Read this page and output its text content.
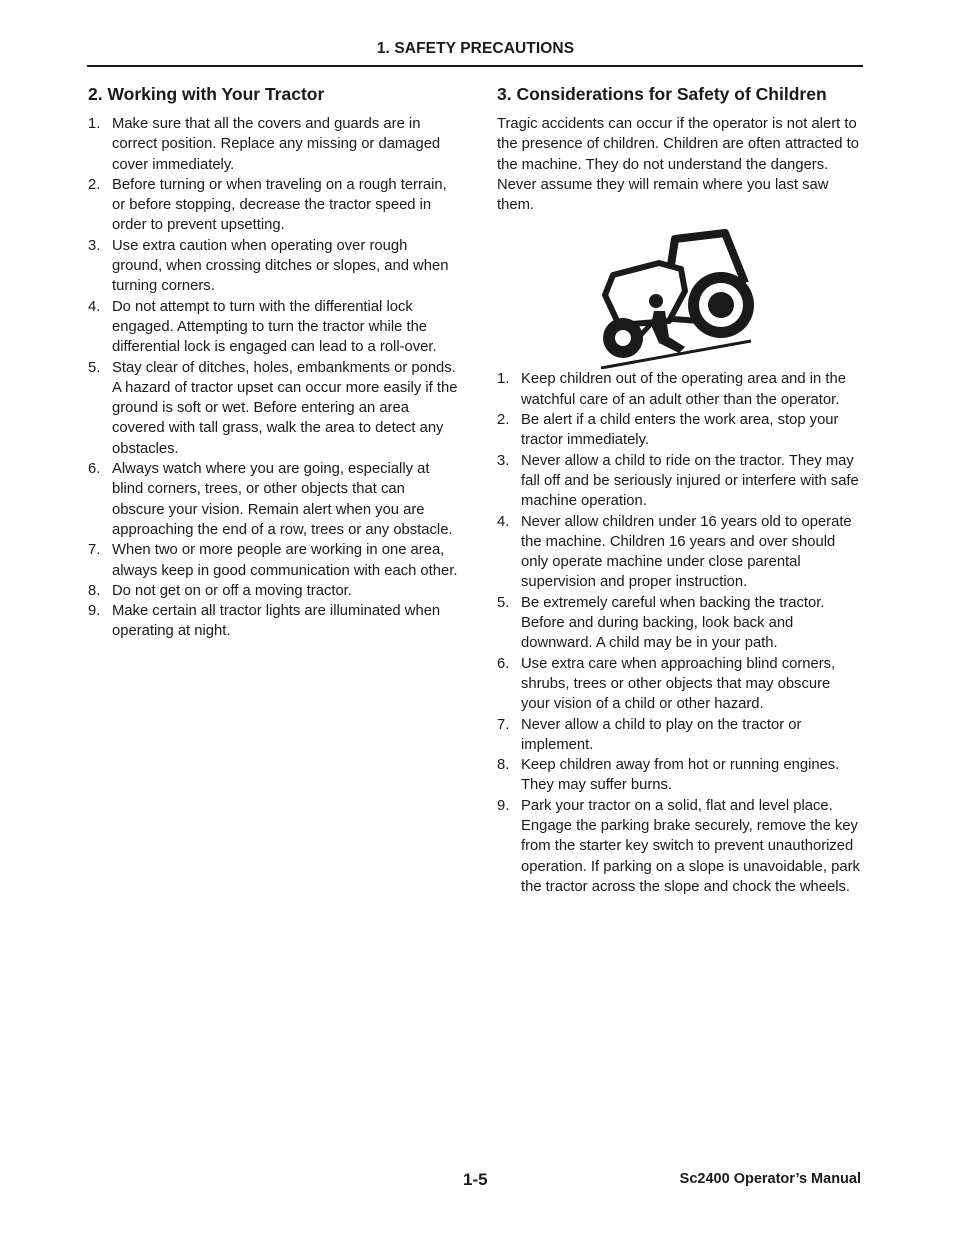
1. SAFETY PRECAUTIONS
2. Working with Your Tractor
1. Make sure that all the covers and guards are in correct position. Replace any missing or damaged cover immediately.
2. Before turning or when traveling on a rough terrain, or before stopping, decrease the tractor speed in order to prevent upsetting.
3. Use extra caution when operating over rough ground, when crossing ditches or slopes, and when turning corners.
4. Do not attempt to turn with the differential lock engaged. Attempting to turn the tractor while the differential lock is engaged can lead to a roll-over.
5. Stay clear of ditches, holes, embankments or ponds. A hazard of tractor upset can occur more easily if the ground is soft or wet. Before entering an area covered with tall grass, walk the area to detect any obstacles.
6. Always watch where you are going, especially at blind corners, trees, or other objects that can obscure your vision. Remain alert when you are approaching the end of a row, trees or any obstacle.
7. When two or more people are working in one area, always keep in good communication with each other.
8. Do not get on or off a moving tractor.
9. Make certain all tractor lights are illuminated when operating at night.
3. Considerations for Safety of Children

Tragic accidents can occur if the operator is not alert to the presence of children. Children are often attracted to the machine. They do not understand the dangers. Never assume they will remain where you last saw them.

1. Keep children out of the operating area and in the watchful care of an adult other than the operator.
2. Be alert if a child enters the work area, stop your tractor immediately.
3. Never allow a child to ride on the tractor. They may fall off and be seriously injured or interfere with safe machine operation.
4. Never allow children under 16 years old to operate the machine. Children 16 years and over should only operate machine under close parental supervision and proper instruction.
5. Be extremely careful when backing the tractor. Before and during backing, look back and downward. A child may be in your path.
6. Use extra care when approaching blind corners, shrubs, trees or other objects that may obscure your vision of a child or other hazard.
7. Never allow a child to play on the tractor or implement.
8. Keep children away from hot or running engines. They may suffer burns.
9. Park your tractor on a solid, flat and level place. Engage the parking brake securely, remove the key from the starter key switch to prevent unauthorized operation. If parking on a slope is unavoidable, park the tractor across the slope and chock the wheels.
1-5	Sc2400 Operator’s Manual
